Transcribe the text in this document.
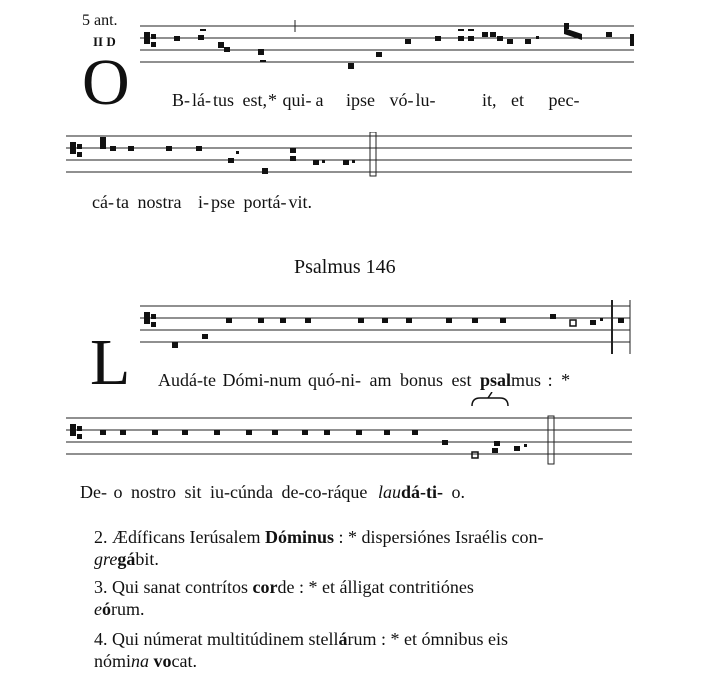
5 ant.
II D
O B- lá- tus est,* qui- a ipse vó- lu-	it, et pec-
cá- ta nostra i- pse portá- vit.
Psalmus 146
L Audá-te Dómi-num quó-ni- am bonus est psalmus : *
De- o nostro sit iu-cúnda de-co-ráque laudá-ti- o.
2. Ædíficans Ierúsalem Dóminus : * dispersiónes Israélis con-
gregábit.
3. Qui sanat contrítos corde : * et álligat contritiónes
eórum.
4. Qui númerat multitúdinem stellárum : * et ómnibus eis
nómina vocat.
